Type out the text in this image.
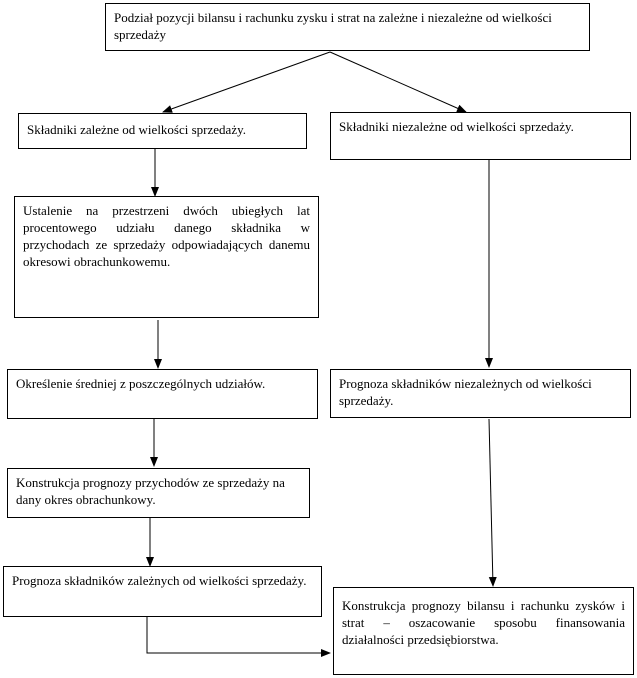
Podział pozycji bilansu i rachunku zysku i strat na zależne i niezależne od wielkości sprzedaży
Składniki zależne od wielkości sprzedaży.	Składniki niezależne od wielkości sprzedaży.
Ustalenie na przestrzeni dwóch ubiegłych lat procentowego udziału danego składnika w przychodach ze sprzedaży odpowiadających danemu okresowi obrachunkowemu.
Określenie średniej z poszczególnych udziałów.	Prognoza składników niezależnych od wielkości sprzedaży.
Konstrukcja prognozy przychodów ze sprzedaży na dany okres obrachunkowy.
Prognoza składników zależnych od wielkości sprzedaży.
Konstrukcja prognozy bilansu i rachunku zysków i strat – oszacowanie sposobu finansowania działalności przedsiębiorstwa.
